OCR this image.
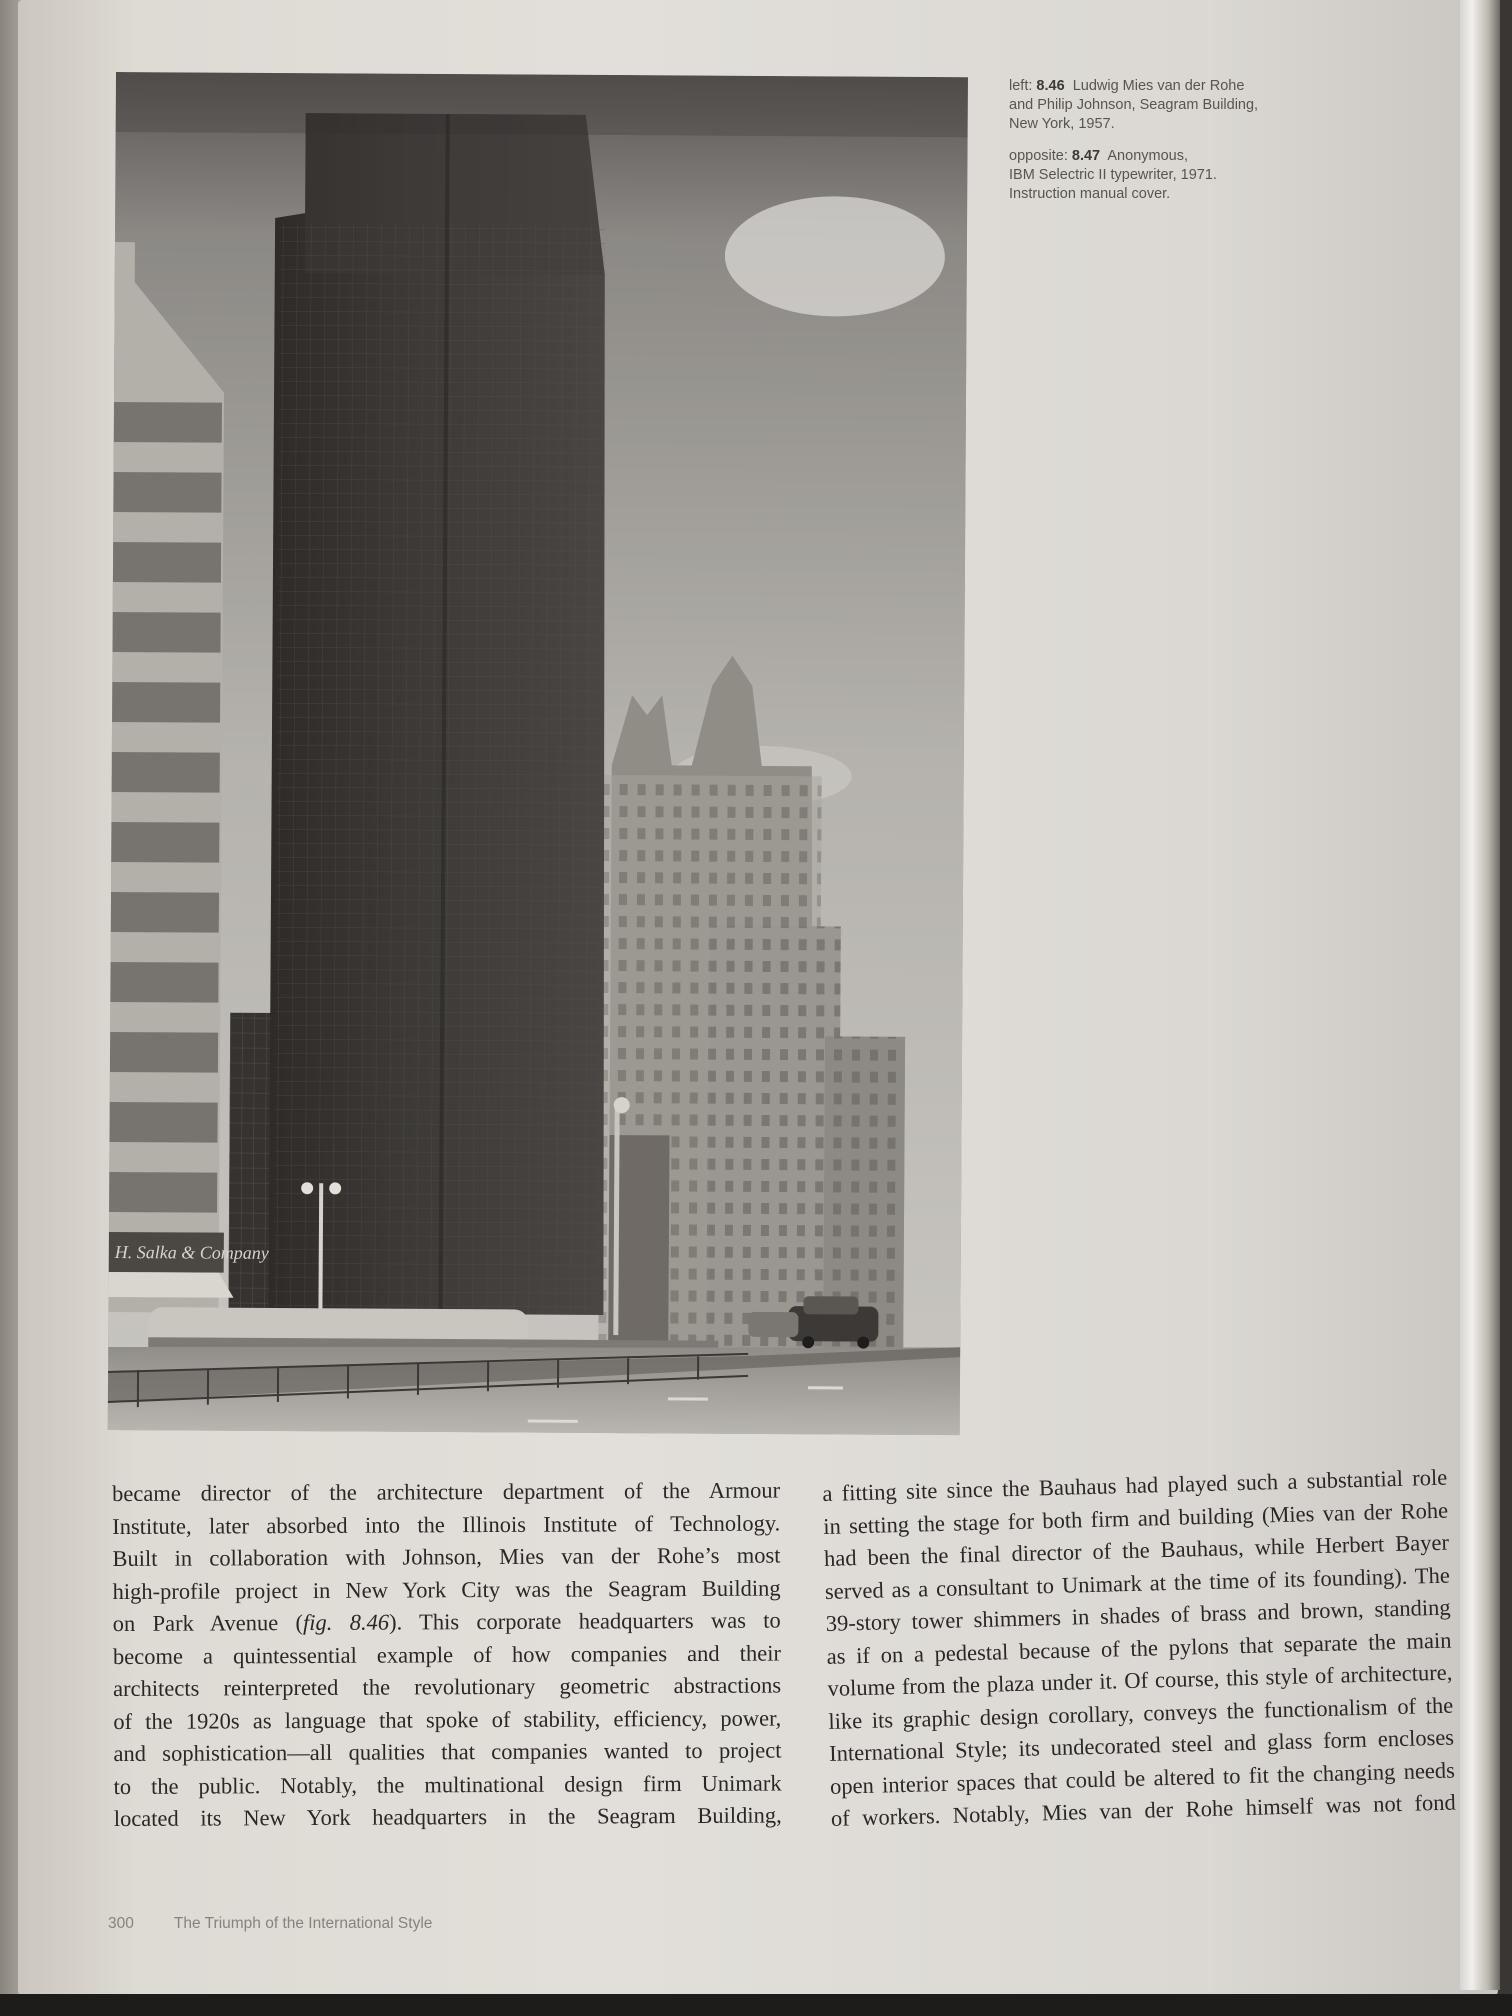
H. Salka & Company
left: 8.46 Ludwig Mies van der Rohe
and Philip Johnson, Seagram Building,
New York, 1957.
opposite: 8.47 Anonymous,
IBM Selectric II typewriter, 1971.
Instruction manual cover.
became director of the architecture department of the Armour
Institute, later absorbed into the Illinois Institute of Technology.
Built in collaboration with Johnson, Mies van der Rohe’s most
high-profile project in New York City was the Seagram Building
on Park Avenue (fig. 8.46). This corporate headquarters was to
become a quintessential example of how companies and their
architects reinterpreted the revolutionary geometric abstractions
of the 1920s as language that spoke of stability, efficiency, power,
and sophistication—all qualities that companies wanted to project
to the public. Notably, the multinational design firm Unimark
located its New York headquarters in the Seagram Building,
a fitting site since the Bauhaus had played such a substantial role
in setting the stage for both firm and building (Mies van der Rohe
had been the final director of the Bauhaus, while Herbert Bayer
served as a consultant to Unimark at the time of its founding). The
39-story tower shimmers in shades of brass and brown, standing
as if on a pedestal because of the pylons that separate the main
volume from the plaza under it. Of course, this style of architecture,
like its graphic design corollary, conveys the functionalism of the
International Style; its undecorated steel and glass form encloses
open interior spaces that could be altered to fit the changing needs
of workers. Notably, Mies van der Rohe himself was not fond
300	The Triumph of the International Style
